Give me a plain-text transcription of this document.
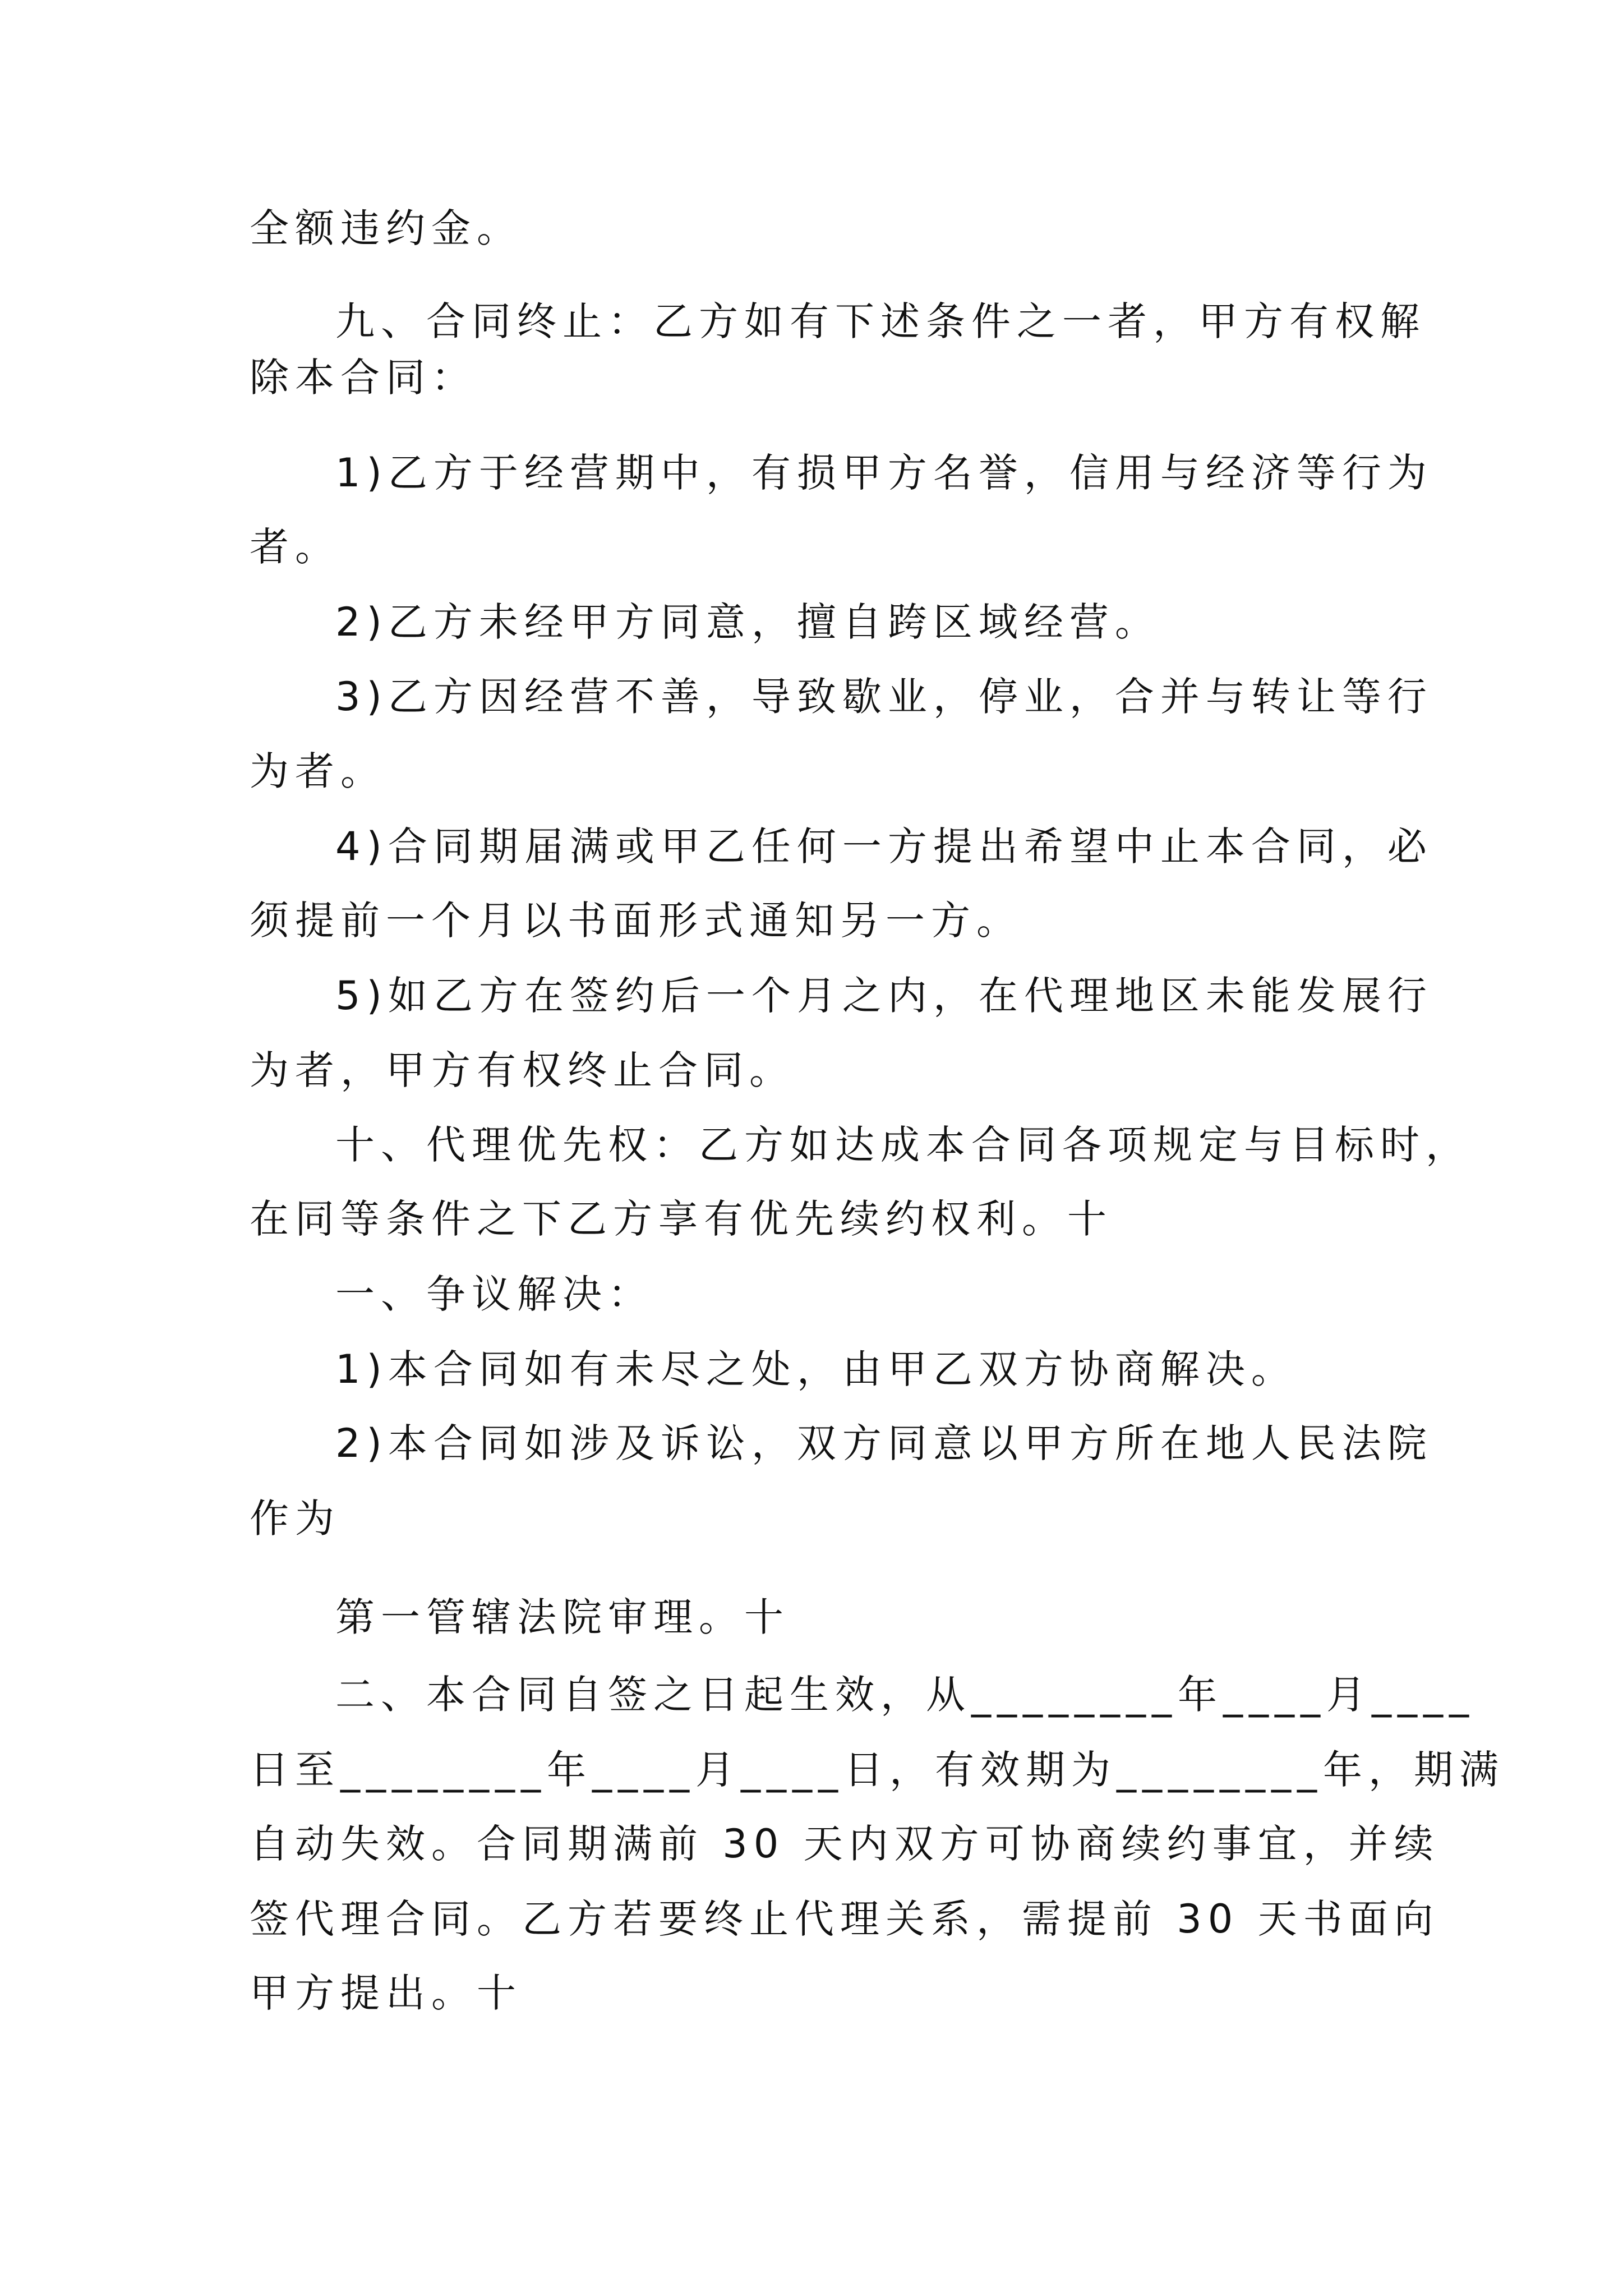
全额违约金。
九、合同终止：乙方如有下述条件之一者，甲方有权解
除本合同：
1)乙方于经营期中，有损甲方名誉，信用与经济等行为
者。
2)乙方未经甲方同意，擅自跨区域经营。
3)乙方因经营不善，导致歇业，停业，合并与转让等行
为者。
4)合同期届满或甲乙任何一方提出希望中止本合同，必
须提前一个月以书面形式通知另一方。
5)如乙方在签约后一个月之内，在代理地区未能发展行
为者，甲方有权终止合同。
十、代理优先权：乙方如达成本合同各项规定与目标时，
在同等条件之下乙方享有优先续约权利。十
一、争议解决：
1)本合同如有未尽之处，由甲乙双方协商解决。
2)本合同如涉及诉讼，双方同意以甲方所在地人民法院
作为
第一管辖法院审理。十
二、本合同自签之日起生效，从________年____月____
日至________年____月____日，有效期为________年，期满
自动失效。合同期满前 30 天内双方可协商续约事宜，并续
签代理合同。乙方若要终止代理关系，需提前 30 天书面向
甲方提出。十
